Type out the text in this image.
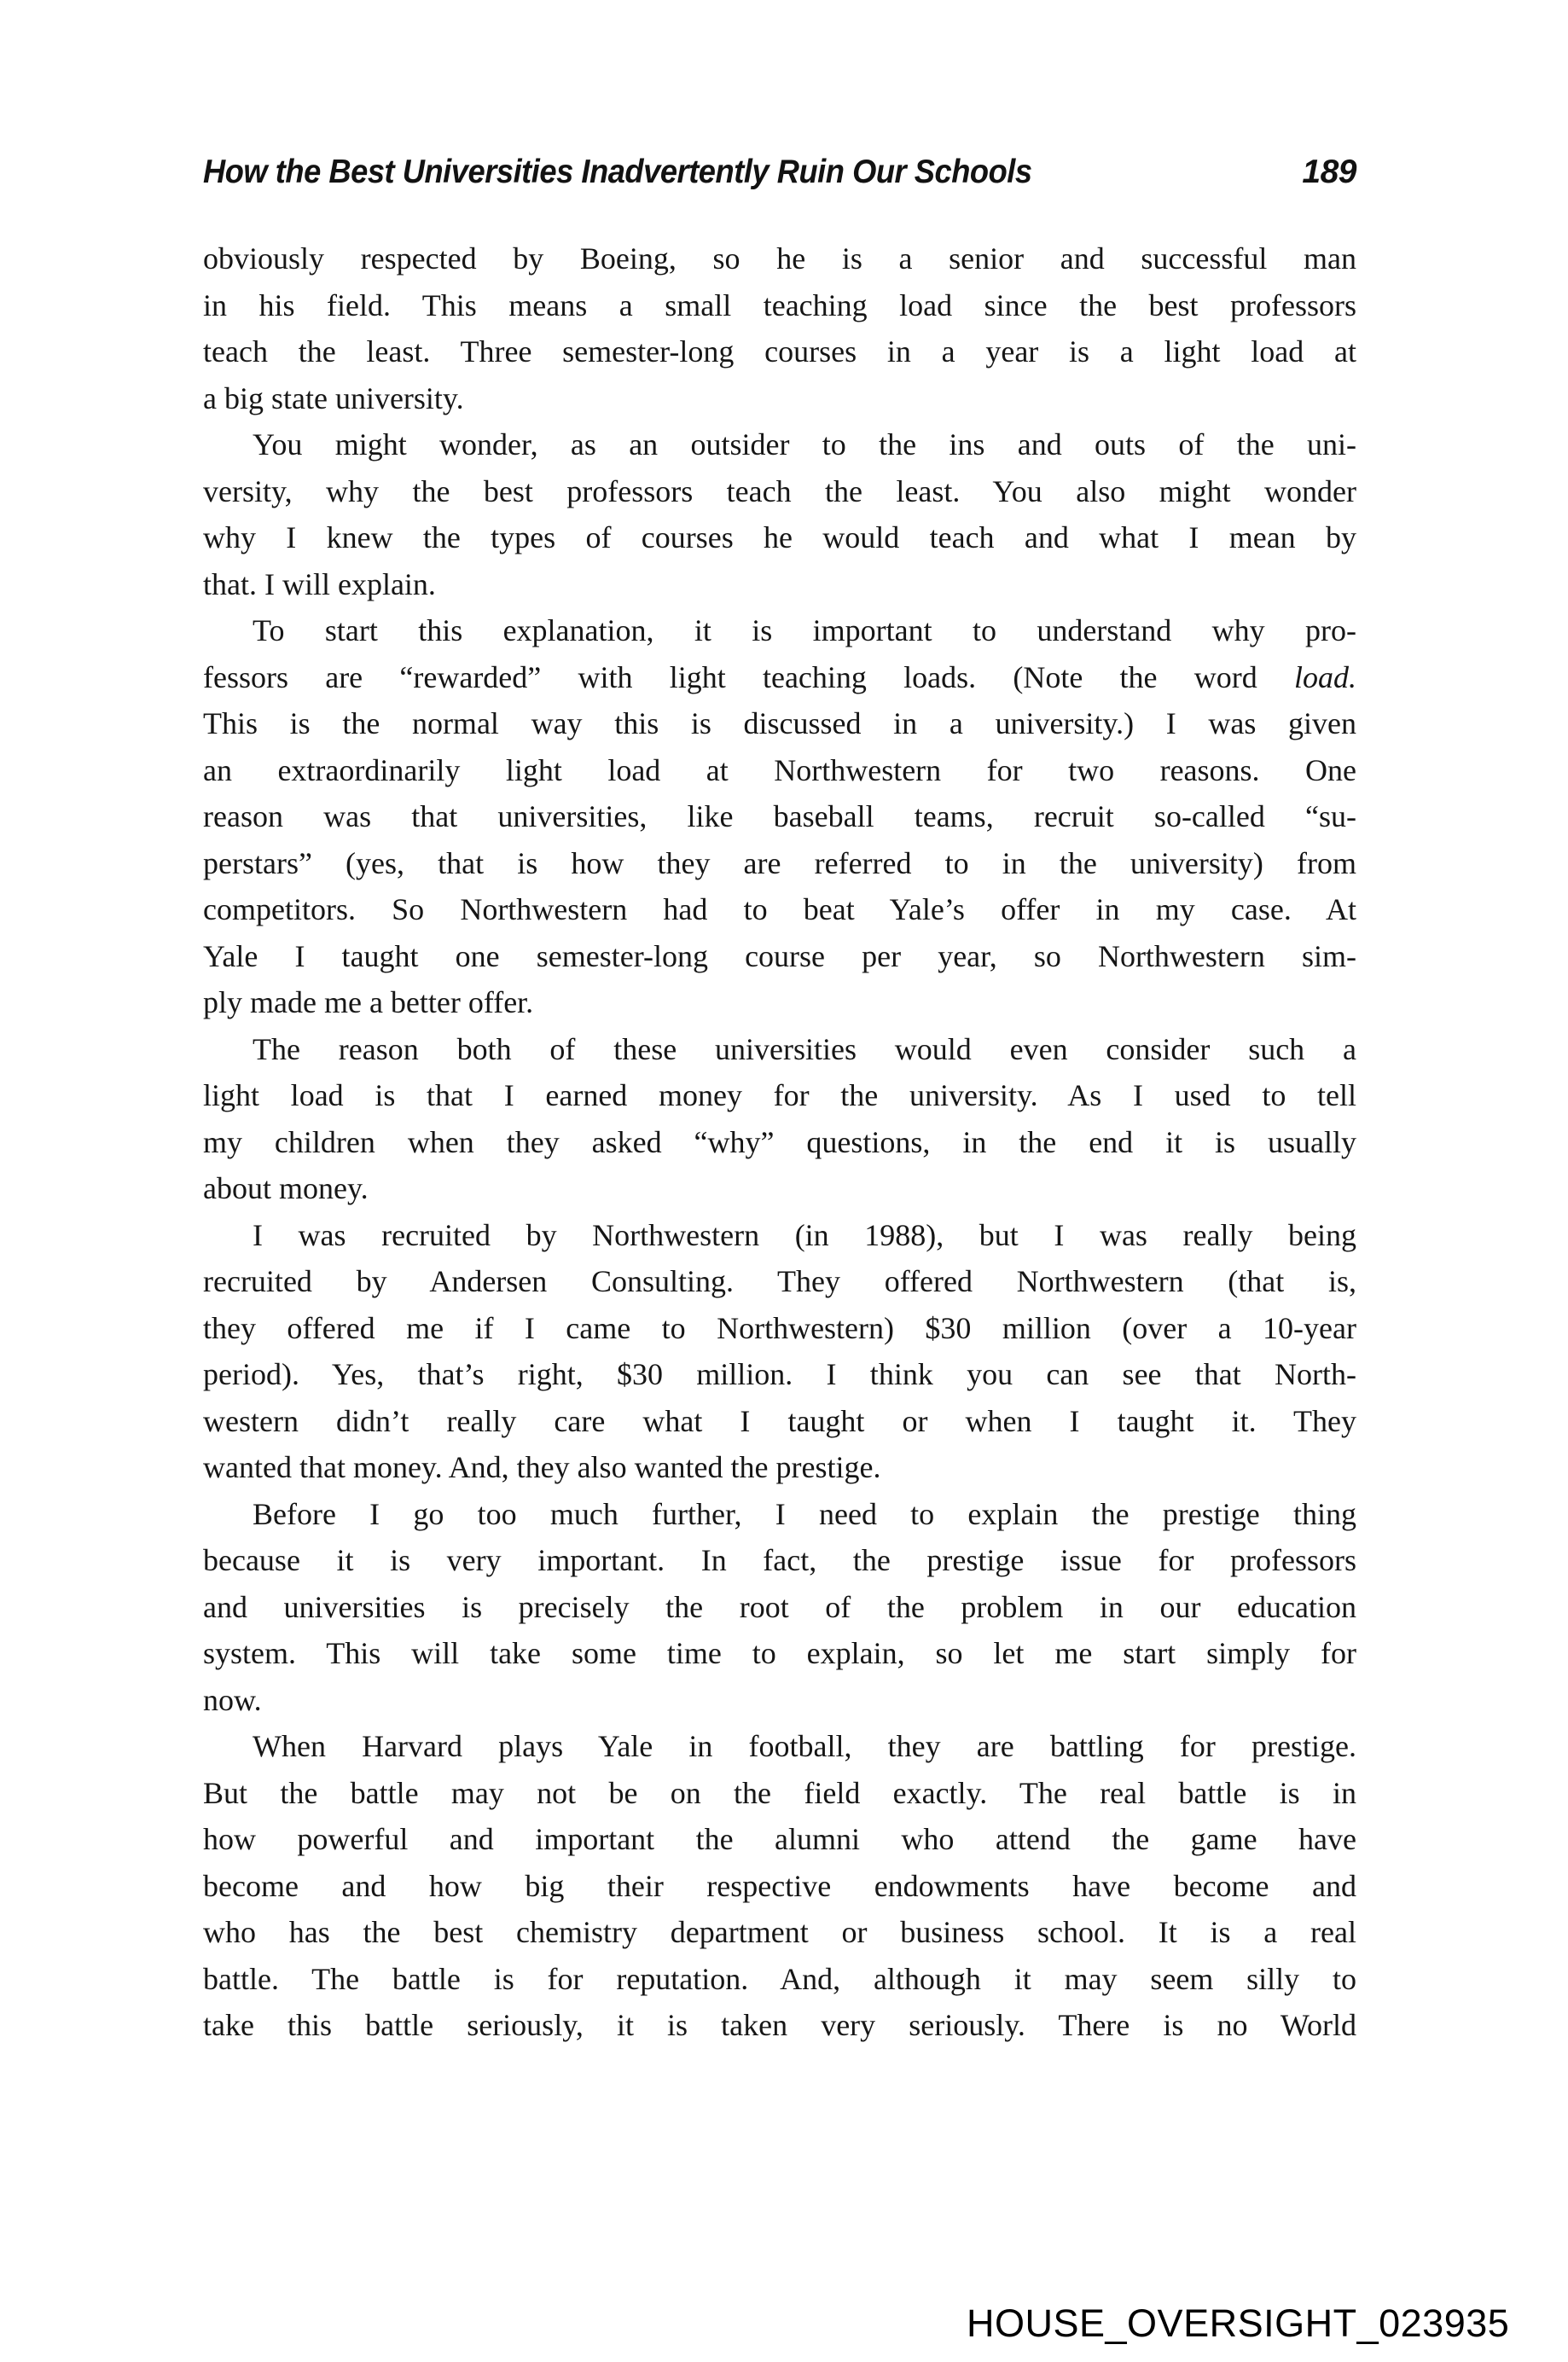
How the Best Universities Inadvertently Ruin Our Schools	189
obviously respected by Boeing, so he is a senior and successful man
in his field. This means a small teaching load since the best professors
teach the least. Three semester-long courses in a year is a light load at
a big state university.
You might wonder, as an outsider to the ins and outs of the uni-
versity, why the best professors teach the least. You also might wonder
why I knew the types of courses he would teach and what I mean by
that. I will explain.
To start this explanation, it is important to understand why pro-
fessors are “rewarded” with light teaching loads. (Note the word load.
This is the normal way this is discussed in a university.) I was given
an extraordinarily light load at Northwestern for two reasons. One
reason was that universities, like baseball teams, recruit so-called “su-
perstars” (yes, that is how they are referred to in the university) from
competitors. So Northwestern had to beat Yale’s offer in my case. At
Yale I taught one semester-long course per year, so Northwestern sim-
ply made me a better offer.
The reason both of these universities would even consider such a
light load is that I earned money for the university. As I used to tell
my children when they asked “why” questions, in the end it is usually
about money.
I was recruited by Northwestern (in 1988), but I was really being
recruited by Andersen Consulting. They offered Northwestern (that is,
they offered me if I came to Northwestern) $30 million (over a 10-year
period). Yes, that’s right, $30 million. I think you can see that North-
western didn’t really care what I taught or when I taught it. They
wanted that money. And, they also wanted the prestige.
Before I go too much further, I need to explain the prestige thing
because it is very important. In fact, the prestige issue for professors
and universities is precisely the root of the problem in our education
system. This will take some time to explain, so let me start simply for
now.
When Harvard plays Yale in football, they are battling for prestige.
But the battle may not be on the field exactly. The real battle is in
how powerful and important the alumni who attend the game have
become and how big their respective endowments have become and
who has the best chemistry department or business school. It is a real
battle. The battle is for reputation. And, although it may seem silly to
take this battle seriously, it is taken very seriously. There is no World
HOUSE_OVERSIGHT_023935
